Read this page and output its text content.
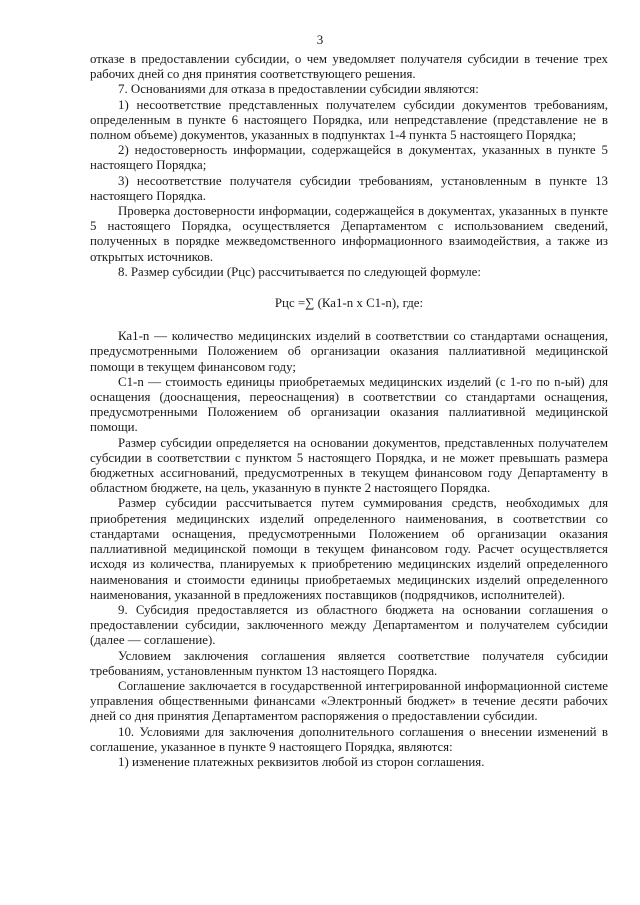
3

отказе в предоставлении субсидии, о чем уведомляет получателя субсидии в течение трех рабочих дней со дня принятия соответствующего решения.

7. Основаниями для отказа в предоставлении субсидии являются:

1) несоответствие представленных получателем субсидии документов требованиям, определенным в пункте 6 настоящего Порядка, или непредставление (представление не в полном объеме) документов, указанных в подпунктах 1-4 пункта 5 настоящего Порядка;

2) недостоверность информации, содержащейся в документах, указанных в пункте 5 настоящего Порядка;

3) несоответствие получателя субсидии требованиям, установленным в пункте 13 настоящего Порядка.

Проверка достоверности информации, содержащейся в документах, указанных в пункте 5 настоящего Порядка, осуществляется Департаментом с использованием сведений, полученных в порядке межведомственного информационного взаимодействия, а также из открытых источников.

8. Размер субсидии (Рцс) рассчитывается по следующей формуле:

Рцс =∑ (Ка1-n х С1-n), где:

Ка1-n — количество медицинских изделий в соответствии со стандартами оснащения, предусмотренными Положением об организации оказания паллиативной медицинской помощи в текущем финансовом году;

С1-n — стоимость единицы приобретаемых медицинских изделий (с 1-го по n-ый) для оснащения (дооснащения, переоснащения) в соответствии со стандартами оснащения, предусмотренными Положением об организации оказания паллиативной медицинской помощи.

Размер субсидии определяется на основании документов, представленных получателем субсидии в соответствии с пунктом 5 настоящего Порядка, и не может превышать размера бюджетных ассигнований, предусмотренных в текущем финансовом году Департаменту в областном бюджете, на цель, указанную в пункте 2 настоящего Порядка.

Размер субсидии рассчитывается путем суммирования средств, необходимых для приобретения медицинских изделий определенного наименования, в соответствии со стандартами оснащения, предусмотренными Положением об организации оказания паллиативной медицинской помощи в текущем финансовом году. Расчет осуществляется исходя из количества, планируемых к приобретению медицинских изделий определенного наименования и стоимости единицы приобретаемых медицинских изделий определенного наименования, указанной в предложениях поставщиков (подрядчиков, исполнителей).

9. Субсидия предоставляется из областного бюджета на основании соглашения о предоставлении субсидии, заключенного между Департаментом и получателем субсидии (далее — соглашение).

Условием заключения соглашения является соответствие получателя субсидии требованиям, установленным пунктом 13 настоящего Порядка.

Соглашение заключается в государственной интегрированной информационной системе управления общественными финансами «Электронный бюджет» в течение десяти рабочих дней со дня принятия Департаментом распоряжения о предоставлении субсидии.

10. Условиями для заключения дополнительного соглашения о внесении изменений в соглашение, указанное в пункте 9 настоящего Порядка, являются:

1) изменение платежных реквизитов любой из сторон соглашения.
